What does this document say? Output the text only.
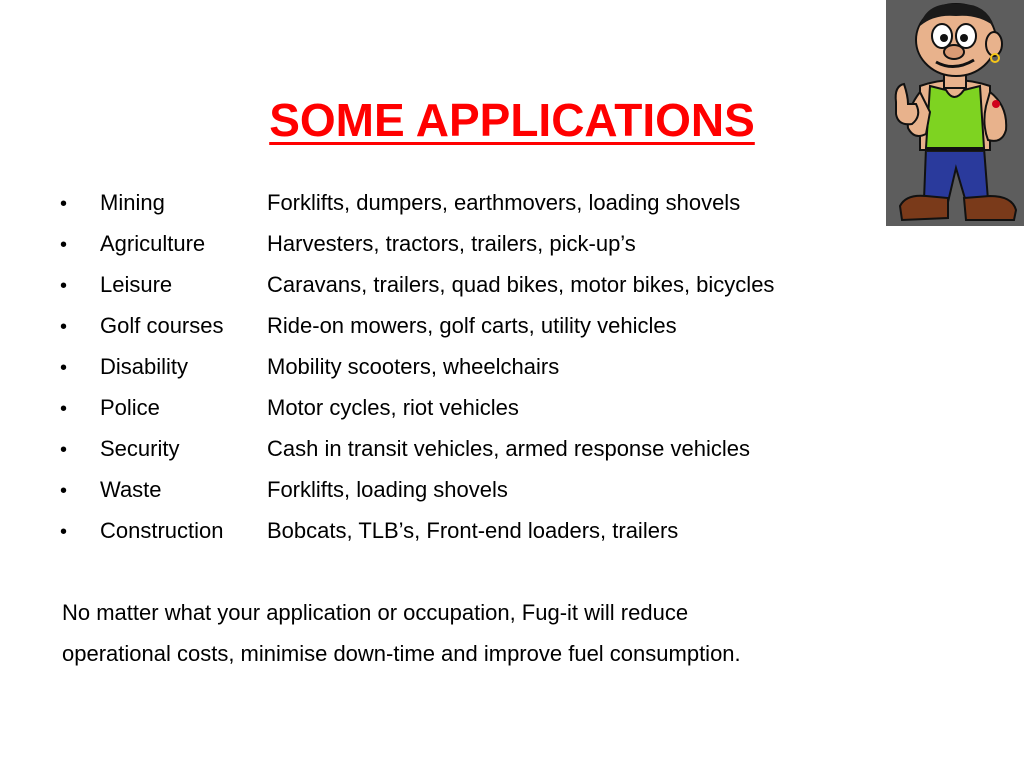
SOME APPLICATIONS
•	Mining	Forklifts, dumpers, earthmovers, loading shovels
•	Agriculture	Harvesters, tractors, trailers, pick-up’s
•	Leisure	Caravans, trailers, quad bikes, motor bikes, bicycles
•	Golf courses	Ride-on mowers, golf carts, utility vehicles
•	Disability	Mobility scooters, wheelchairs
•	Police	Motor cycles, riot vehicles
•	Security	Cash in transit vehicles, armed response vehicles
•	Waste	Forklifts, loading shovels
•	Construction	Bobcats, TLB’s, Front-end loaders, trailers

No matter what your application or occupation, Fug-it will reduce
operational costs, minimise down-time and improve fuel consumption.
